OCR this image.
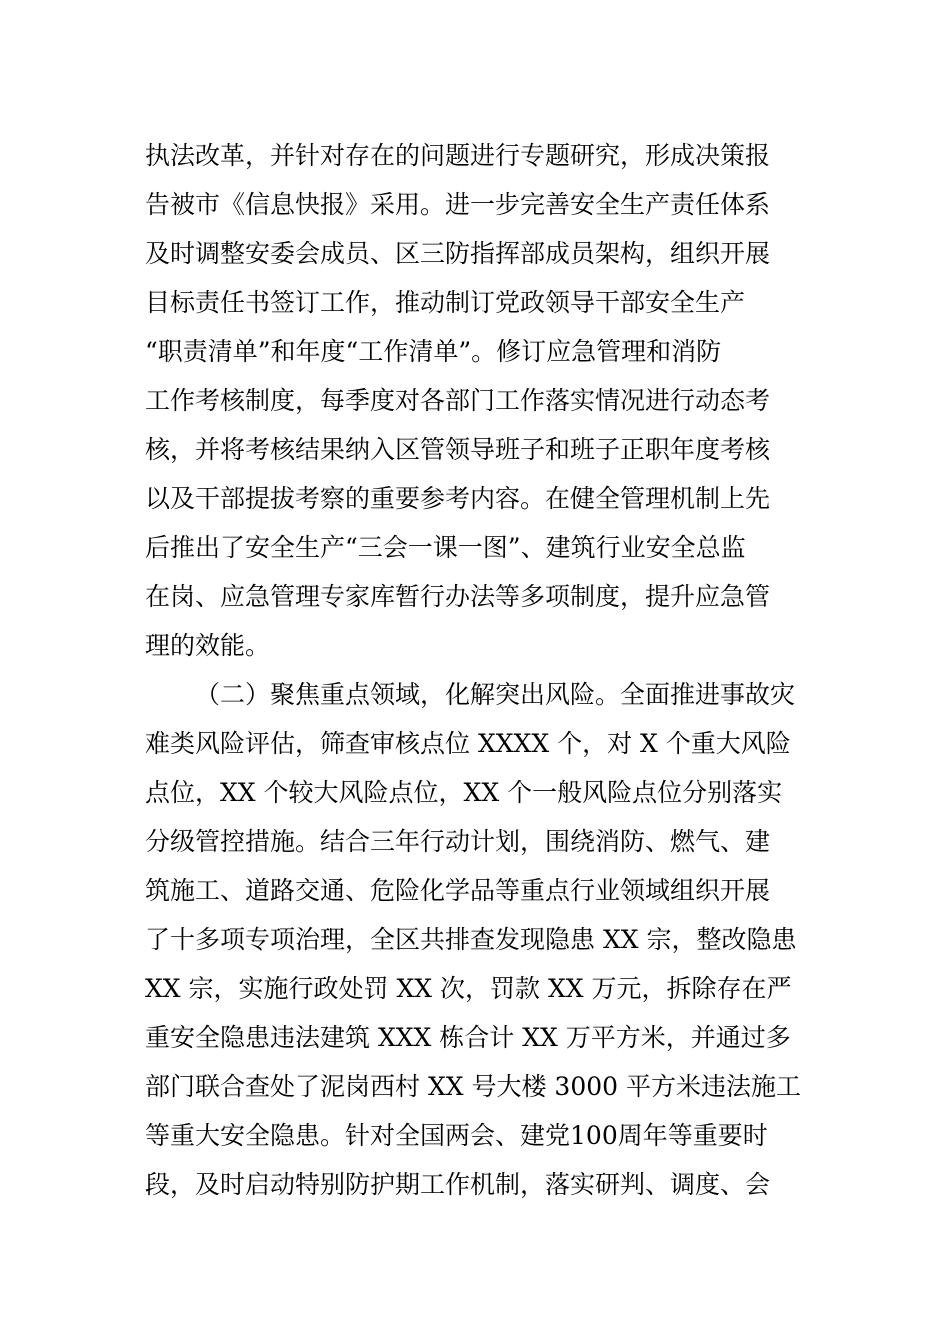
执法改革，并针对存在的问题进行专题研究，形成决策报
告被市《信息快报》采用。进一步完善安全生产责任体系
及时调整安委会成员、区三防指挥部成员架构，组织开展
目标责任书签订工作，推动制订党政领导干部安全生产
“职责清单”和年度“工作清单”。修订应急管理和消防
工作考核制度，每季度对各部门工作落实情况进行动态考
核，并将考核结果纳入区管领导班子和班子正职年度考核
以及干部提拔考察的重要参考内容。在健全管理机制上先
后推出了安全生产“三会一课一图”、建筑行业安全总监
在岗、应急管理专家库暂行办法等多项制度，提升应急管
理的效能。
（二）聚焦重点领域，化解突出风险。全面推进事故灾
难类风险评估，筛查审核点位 XXXX 个，对 X 个重大风险
点位，XX 个较大风险点位，XX 个一般风险点位分别落实
分级管控措施。结合三年行动计划，围绕消防、燃气、建
筑施工、道路交通、危险化学品等重点行业领域组织开展
了十多项专项治理，全区共排查发现隐患 XX 宗，整改隐患
XX 宗，实施行政处罚 XX 次，罚款 XX 万元，拆除存在严
重安全隐患违法建筑 XXX 栋合计 XX 万平方米，并通过多
部门联合查处了泥岗西村 XX 号大楼 3000 平方米违法施工
等重大安全隐患。针对全国两会、建党100周年等重要时
段，及时启动特别防护期工作机制，落实研判、调度、会
